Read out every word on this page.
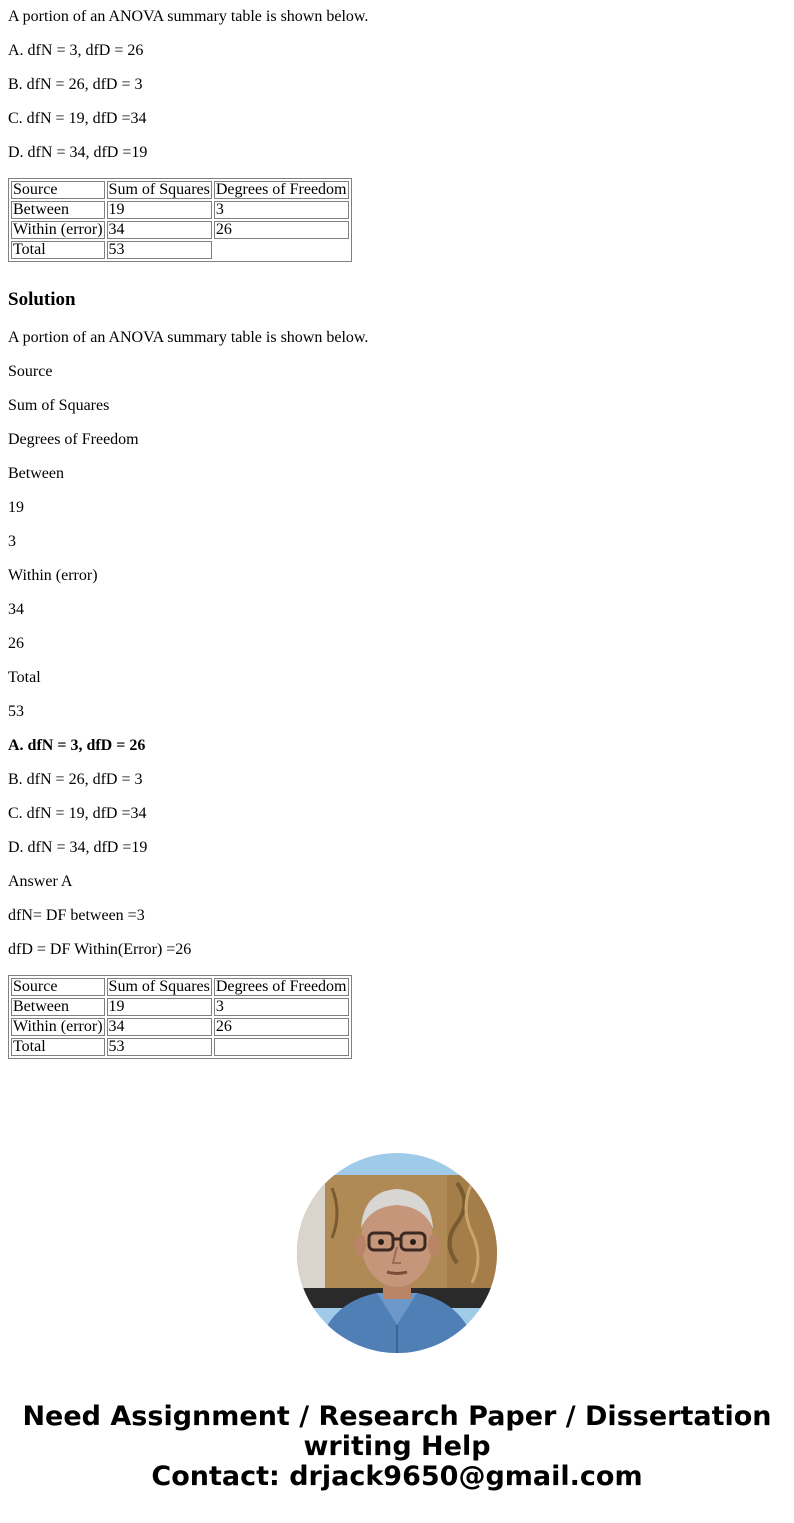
A portion of an ANOVA summary table is shown below.

A. dfN = 3, dfD = 26

B. dfN = 26, dfD = 3

C. dfN = 19, dfD =34

D. dfN = 34, dfD =19

Source	Sum of Squares	Degrees of Freedom
Between	19	3
Within (error)	34	26
Total	53	
Solution

A portion of an ANOVA summary table is shown below.

Source

Sum of Squares

Degrees of Freedom

Between

19

3

Within (error)

34

26

Total

53

A. dfN = 3, dfD = 26

B. dfN = 26, dfD = 3

C. dfN = 19, dfD =34

D. dfN = 34, dfD =19

Answer A

dfN= DF between =3

dfD = DF Within(Error) =26

Source	Sum of Squares	Degrees of Freedom
Between	19	3
Within (error)	34	26
Total	53	
Need Assignment / Research Paper / Dissertation
writing Help
Contact: drjack9650@gmail.com
